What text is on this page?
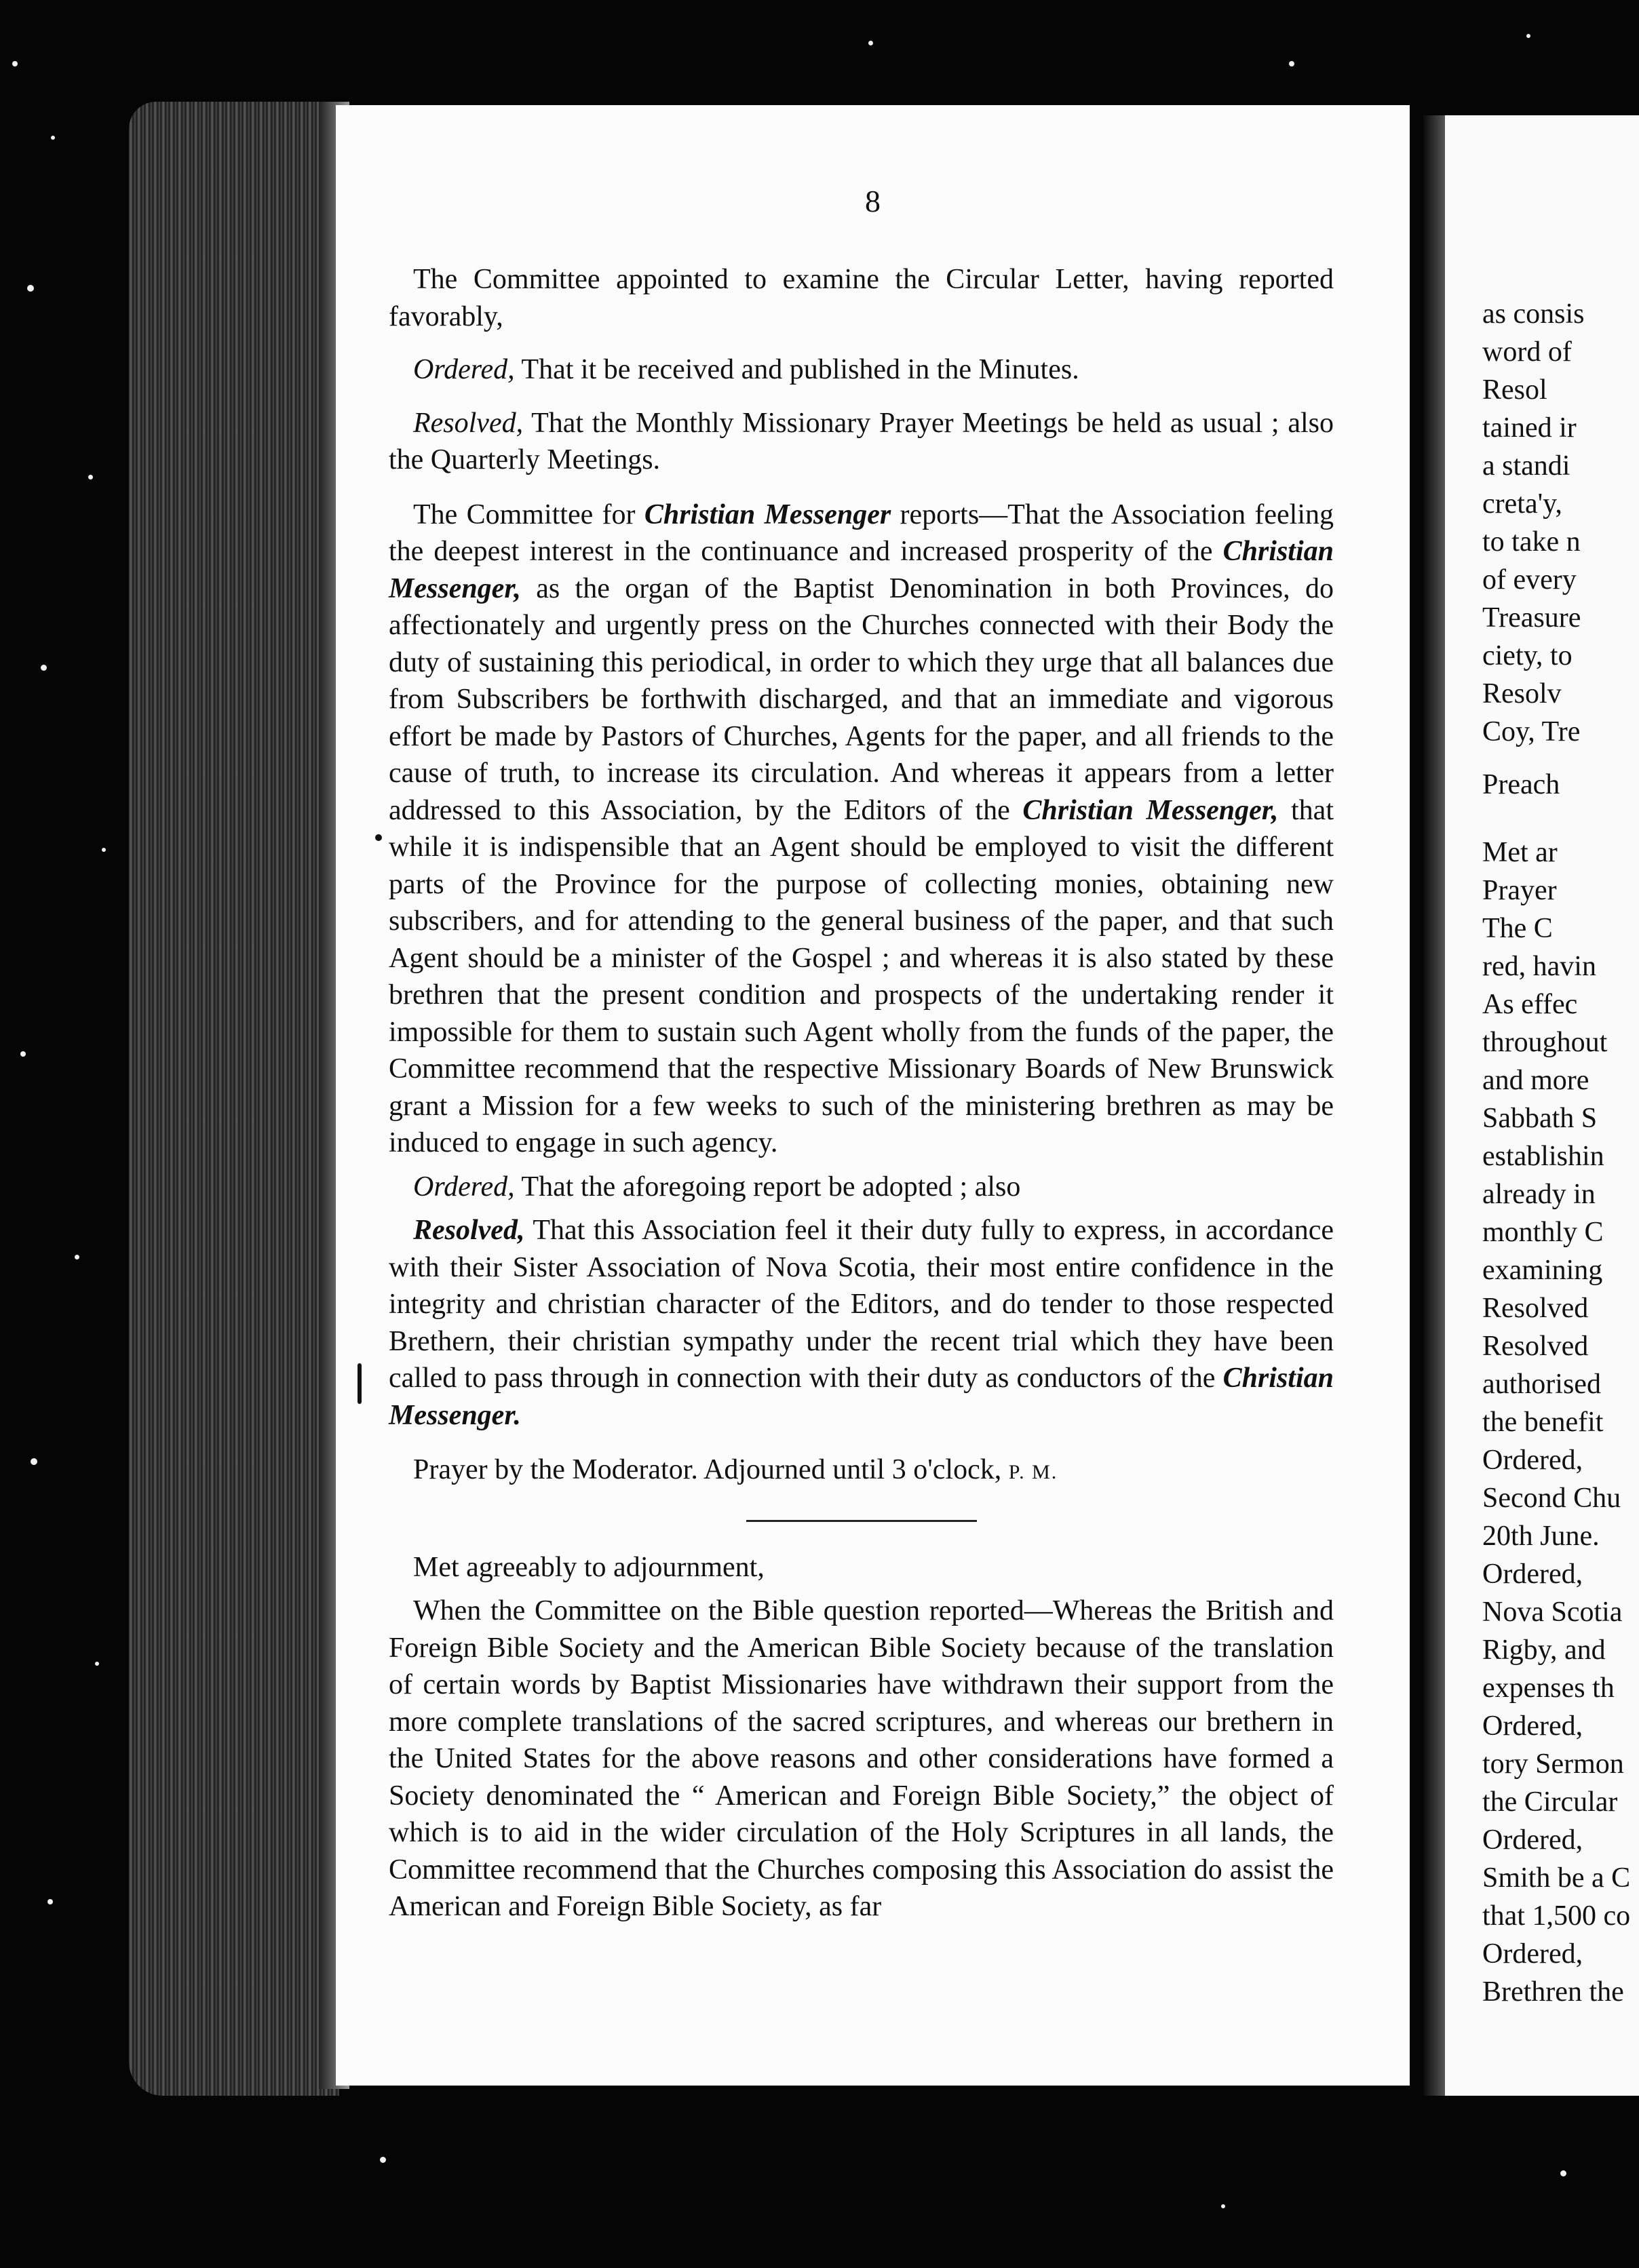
8

The Committee appointed to examine the Circular Letter, having reported favorably,

Ordered, That it be received and published in the Minutes.

Resolved, That the Monthly Missionary Prayer Meetings be held as usual ; also the Quarterly Meetings.

The Committee for Christian Messenger reports—That the Association feeling the deepest interest in the continuance and increased prosperity of the Christian Messenger, as the organ of the Baptist Denomination in both Provinces, do affectionately and urgently press on the Churches connected with their Body the duty of sustaining this periodical, in order to which they urge that all balances due from Subscribers be forthwith discharged, and that an immediate and vigorous effort be made by Pastors of Churches, Agents for the paper, and all friends to the cause of truth, to increase its circulation. And whereas it appears from a letter addressed to this Association, by the Editors of the Christian Messenger, that while it is indispensible that an Agent should be employed to visit the different parts of the Province for the purpose of collecting monies, obtaining new subscribers, and for attending to the general business of the paper, and that such Agent should be a minister of the Gospel ; and whereas it is also stated by these brethren that the present condition and prospects of the undertaking render it impossible for them to sustain such Agent wholly from the funds of the paper, the Committee recommend that the respective Missionary Boards of New Brunswick grant a Mission for a few weeks to such of the ministering brethren as may be induced to engage in such agency.

Ordered, That the aforegoing report be adopted ; also

Resolved, That this Association feel it their duty fully to express, in accordance with their Sister Association of Nova Scotia, their most entire confidence in the integrity and christian character of the Editors, and do tender to those respected Brethern, their christian sympathy under the recent trial which they have been called to pass through in connection with their duty as conductors of the Christian Messenger.

Prayer by the Moderator. Adjourned until 3 o'clock, P. M.

Met agreeably to adjournment,

When the Committee on the Bible question reported—Whereas the British and Foreign Bible Society and the American Bible Society because of the translation of certain words by Baptist Missionaries have withdrawn their support from the more complete translations of the sacred scriptures, and whereas our brethern in the United States for the above reasons and other considerations have formed a Society denominated the “ American and Foreign Bible Society,” the object of which is to aid in the wider circulation of the Holy Scriptures in all lands, the Committee recommend that the Churches composing this Association do assist the American and Foreign Bible Society, as far

as consis
word of
Resol
tained ir
a standi
creta'y,
to take n
of every
Treasure
ciety, to
Resolv
Coy, Tre
Preach
Met ar
Prayer
The C
red, havin
As effec
throughout
and more
Sabbath S
establishin
already in
monthly C
examining
Resolved
Resolved
authorised
the benefit
Ordered,
Second Chu
20th June.
Ordered,
Nova Scotia
Rigby, and
expenses th
Ordered,
tory Sermon
the Circular
Ordered,
Smith be a C
that 1,500 co
Ordered,
Brethren the
